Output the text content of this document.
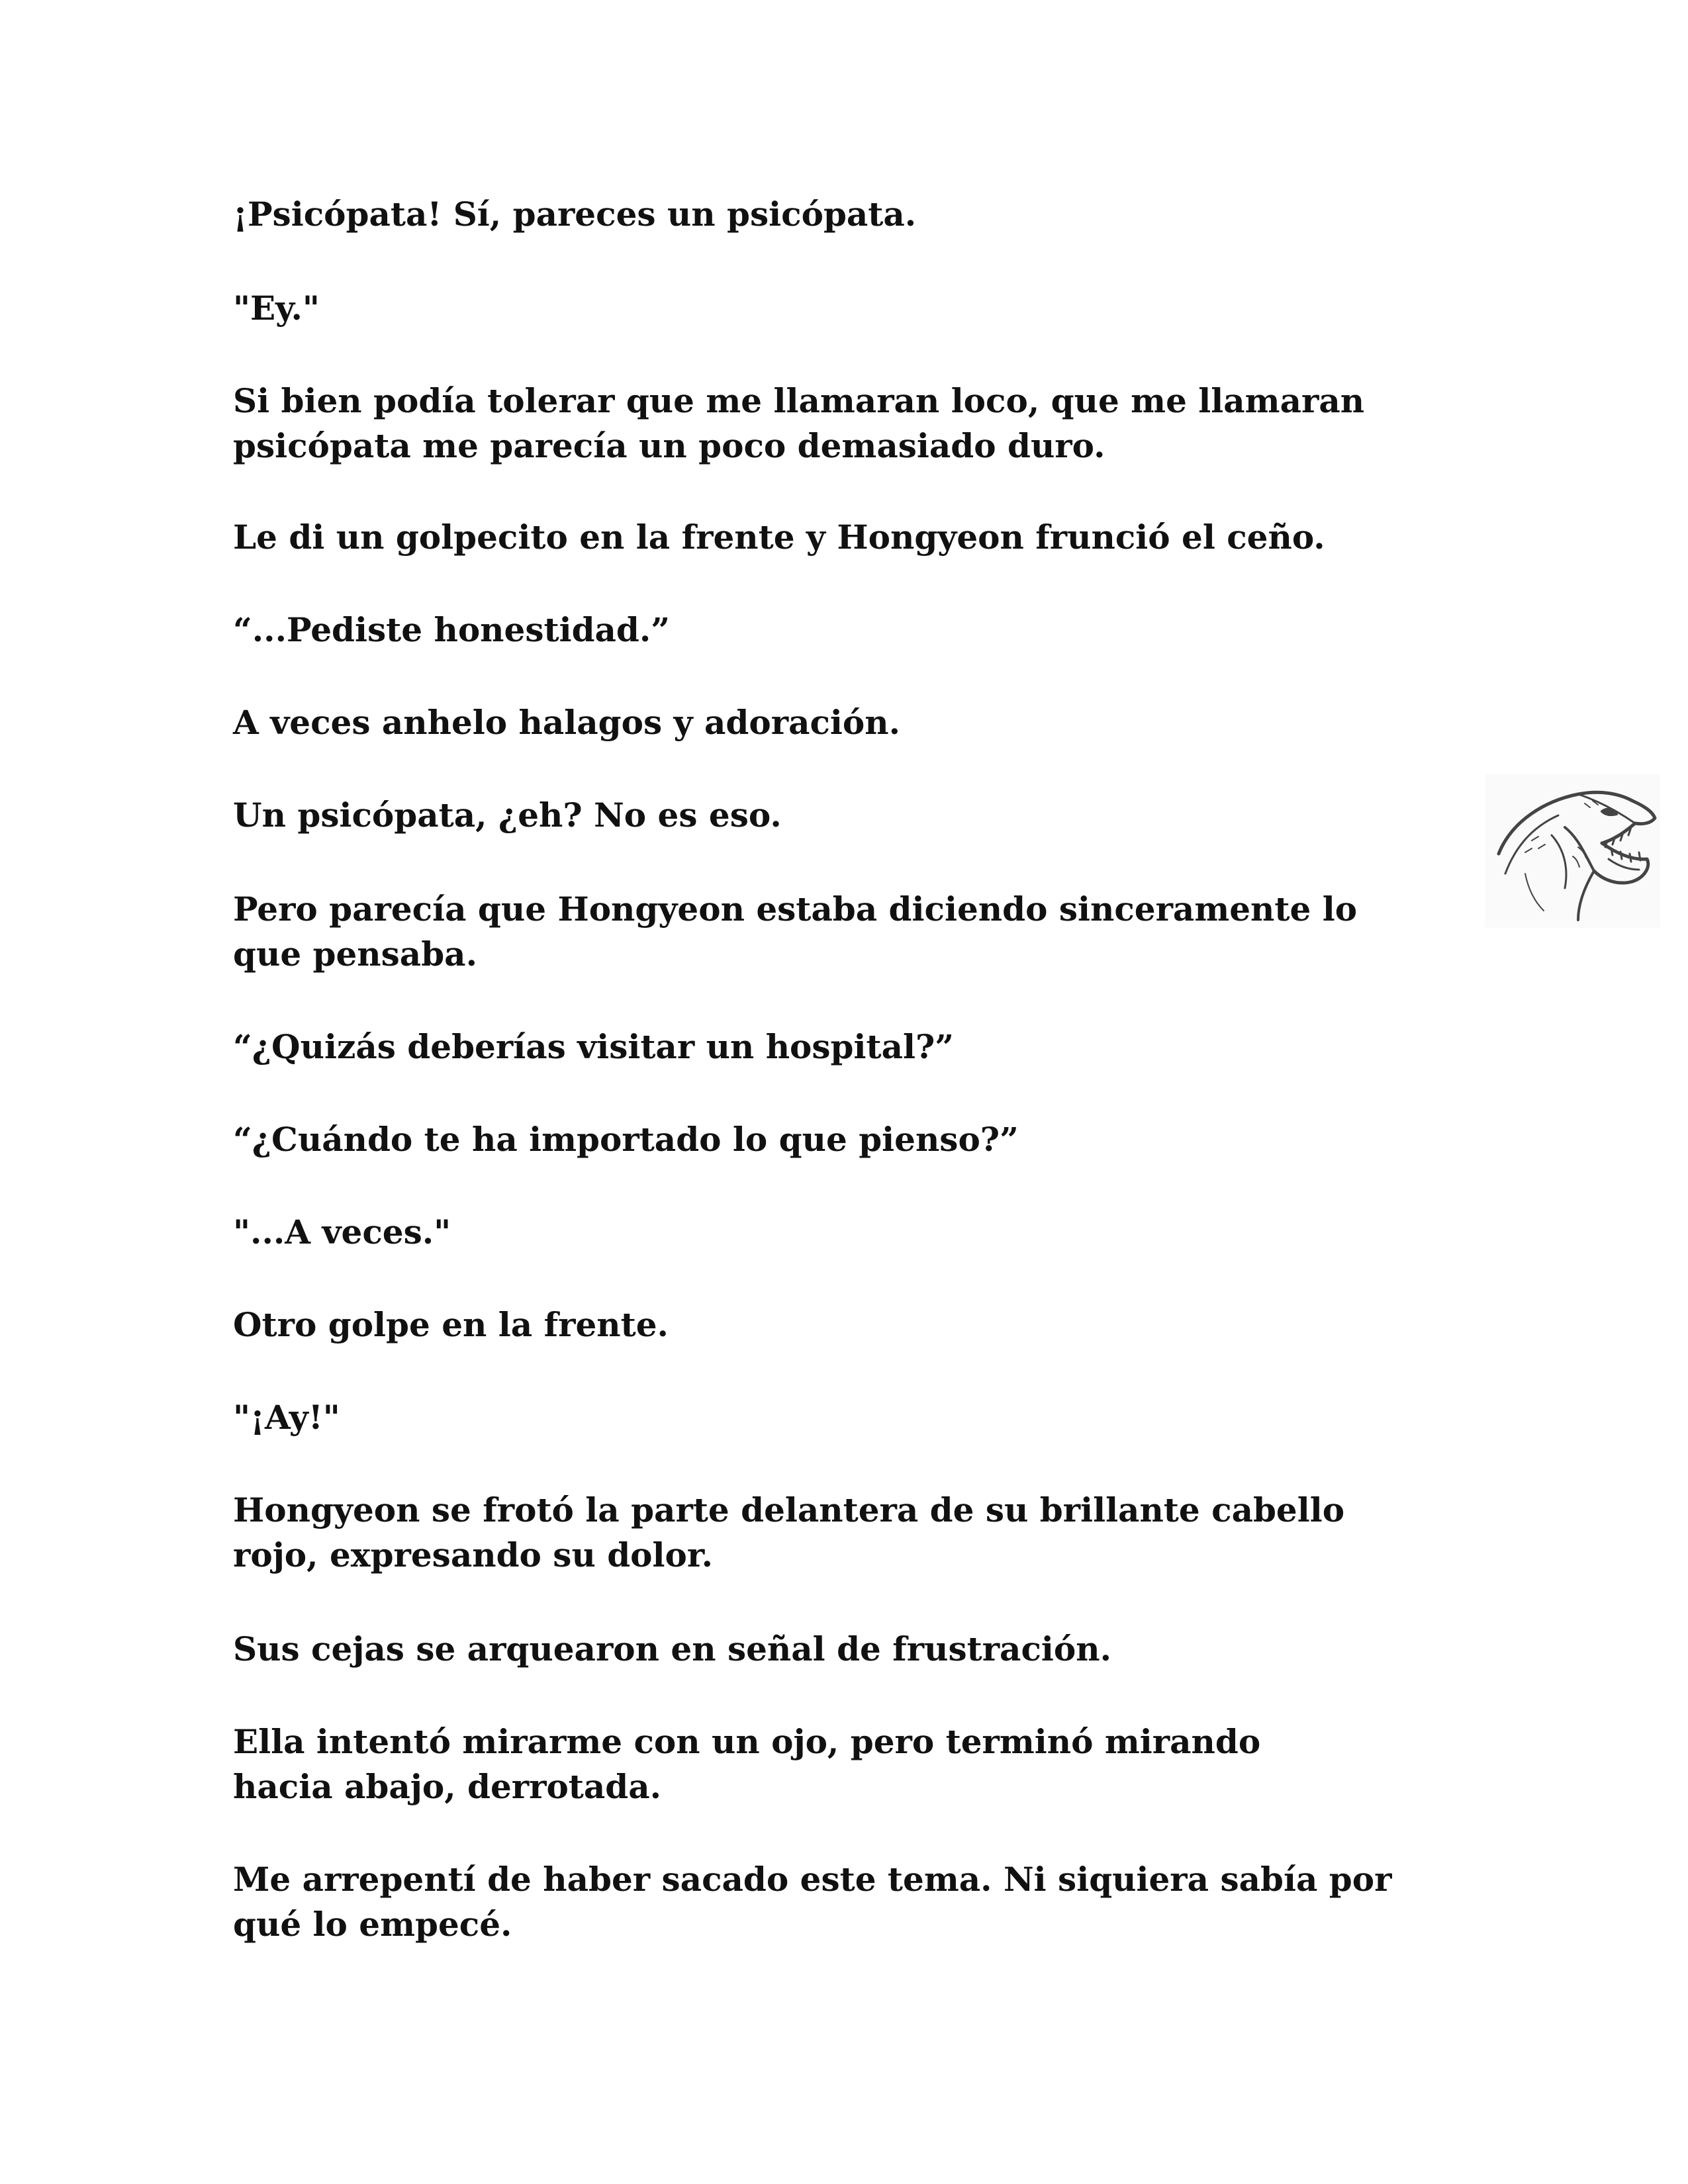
¡Psicópata! Sí, pareces un psicópata.

"Ey."

Si bien podía tolerar que me llamaran loco, que me llamaran
psicópata me parecía un poco demasiado duro.

Le di un golpecito en la frente y Hongyeon frunció el ceño.

“...Pediste honestidad.”

A veces anhelo halagos y adoración.

Un psicópata, ¿eh? No es eso.

Pero parecía que Hongyeon estaba diciendo sinceramente lo
que pensaba.

“¿Quizás deberías visitar un hospital?”

“¿Cuándo te ha importado lo que pienso?”

"...A veces."

Otro golpe en la frente.

"¡Ay!"

Hongyeon se frotó la parte delantera de su brillante cabello
rojo, expresando su dolor.

Sus cejas se arquearon en señal de frustración.

Ella intentó mirarme con un ojo, pero terminó mirando
hacia abajo, derrotada.

Me arrepentí de haber sacado este tema. Ni siquiera sabía por
qué lo empecé.
